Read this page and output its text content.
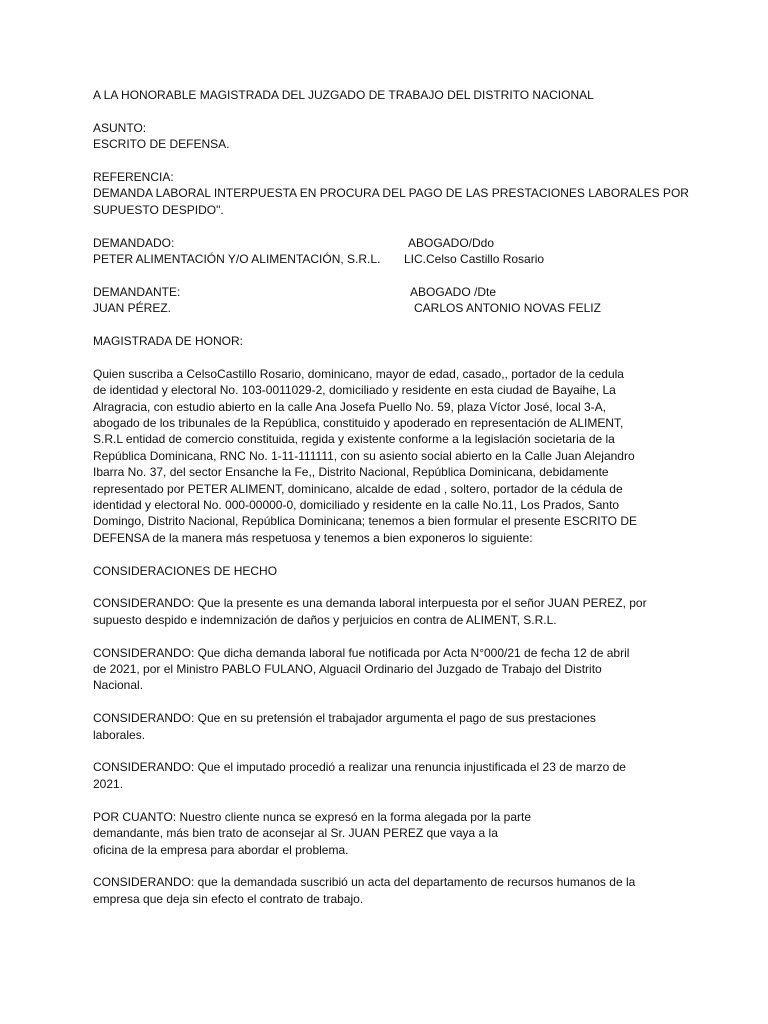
A LA HONORABLE MAGISTRADA DEL JUZGADO DE TRABAJO DEL DISTRITO NACIONAL
ASUNTO:
ESCRITO DE DEFENSA.
REFERENCIA:
DEMANDA LABORAL INTERPUESTA EN PROCURA DEL PAGO DE LAS PRESTACIONES LABORALES POR
SUPUESTO DESPIDO".
DEMANDADO:	ABOGADO/Ddo
PETER ALIMENTACIÓN Y/O ALIMENTACIÓN, S.R.L.	LIC.Celso Castillo Rosario
DEMANDANTE:	ABOGADO /Dte
JUAN PÉREZ.	CARLOS ANTONIO NOVAS FELIZ
MAGISTRADA DE HONOR:
Quien suscriba a CelsoCastillo Rosario, dominicano, mayor de edad, casado,, portador de la cedula
de identidad y electoral No. 103-0011029-2, domiciliado y residente en esta ciudad de Bayaihe, La
Alragracia, con estudio abierto en la calle Ana Josefa Puello No. 59, plaza Víctor José, local 3-A,
abogado de los tribunales de la República, constituido y apoderado en representación de ALIMENT,
S.R.L entidad de comercio constituida, regida y existente conforme a la legislación societaria de la
República Dominicana, RNC No. 1-11-111111, con su asiento social abierto en la Calle Juan Alejandro
Ibarra No. 37, del sector Ensanche la Fe,, Distrito Nacional, República Dominicana, debidamente
representado por PETER ALIMENT, dominicano, alcalde de edad , soltero, portador de la cédula de
identidad y electoral No. 000-00000-0, domiciliado y residente en la calle No.11, Los Prados, Santo
Domingo, Distrito Nacional, República Dominicana; tenemos a bien formular el presente ESCRITO DE
DEFENSA de la manera más respetuosa y tenemos a bien exponeros lo siguiente:
CONSIDERACIONES DE HECHO
CONSIDERANDO: Que la presente es una demanda laboral interpuesta por el señor JUAN PEREZ, por
supuesto despido e indemnización de daños y perjuicios en contra de ALIMENT, S.R.L.
CONSIDERANDO: Que dicha demanda laboral fue notificada por Acta N°000/21 de fecha 12 de abril
de 2021, por el Ministro PABLO FULANO, Alguacil Ordinario del Juzgado de Trabajo del Distrito
Nacional.
CONSIDERANDO: Que en su pretensión el trabajador argumenta el pago de sus prestaciones
laborales.
CONSIDERANDO: Que el imputado procedió a realizar una renuncia injustificada el 23 de marzo de
2021.
POR CUANTO: Nuestro cliente nunca se expresó en la forma alegada por la parte
demandante, más bien trato de aconsejar al Sr. JUAN PEREZ que vaya a la
oficina de la empresa para abordar el problema.
CONSIDERANDO: que la demandada suscribió un acta del departamento de recursos humanos de la
empresa que deja sin efecto el contrato de trabajo.
